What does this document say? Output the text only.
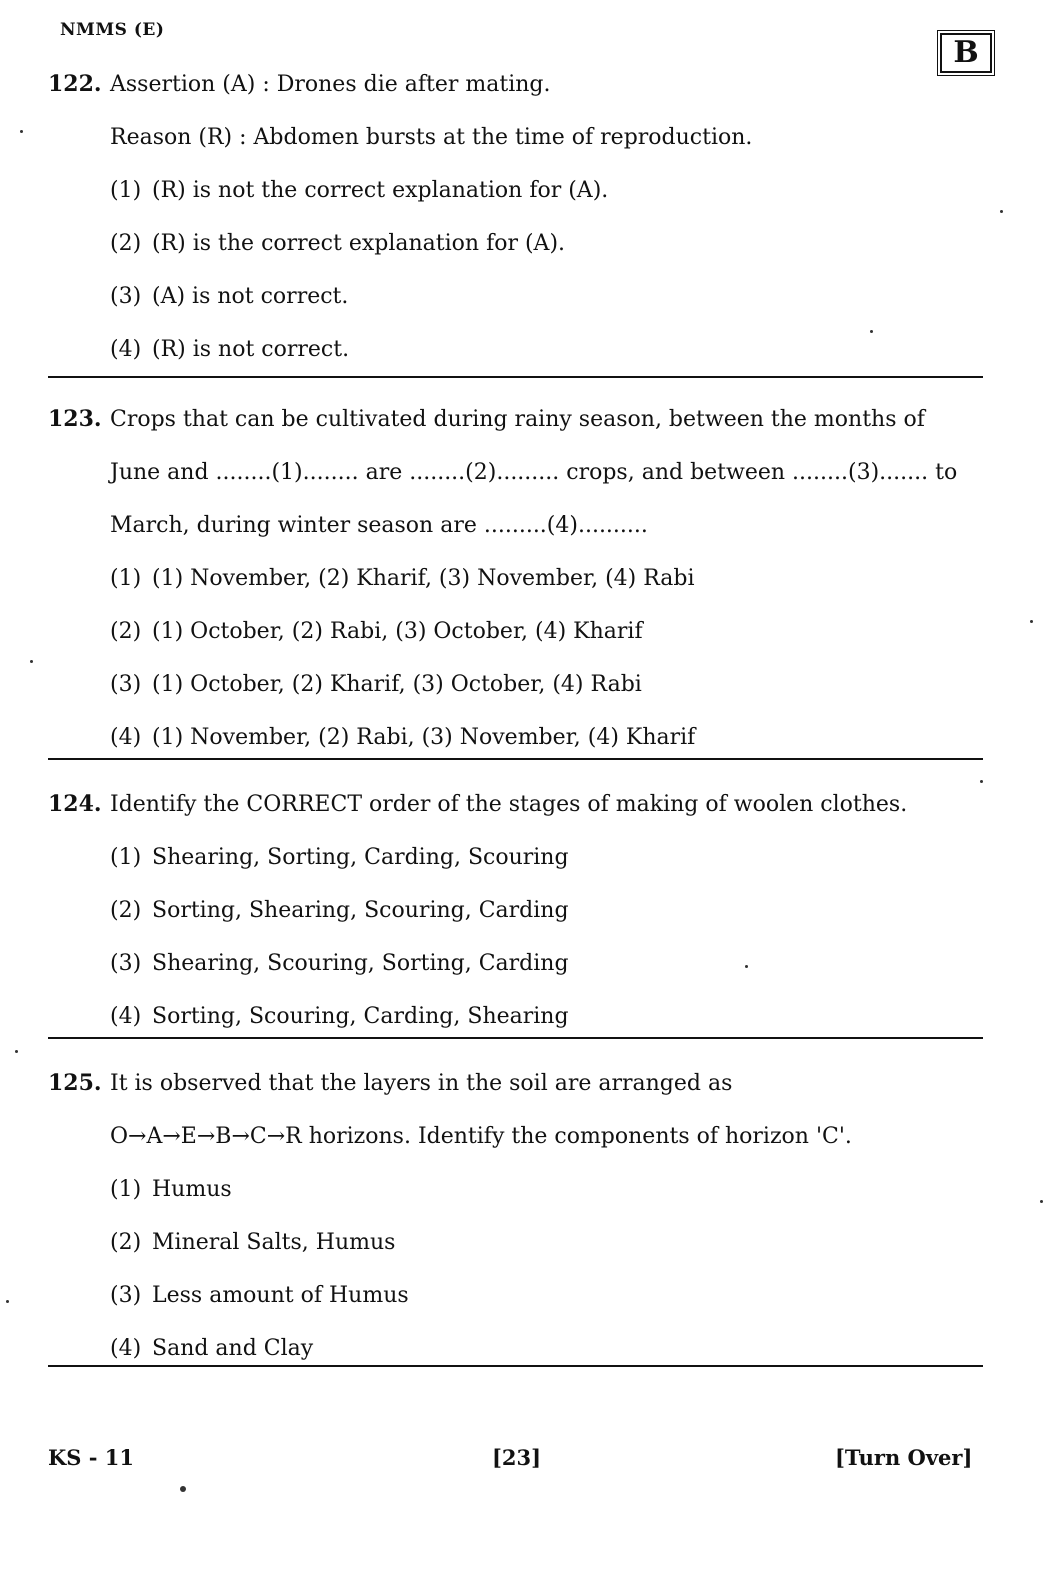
NMMS (E)
B
122. Assertion (A) : Drones die after mating.
Reason (R) : Abdomen bursts at the time of reproduction.
(1) (R) is not the correct explanation for (A).
(2) (R) is the correct explanation for (A).
(3) (A) is not correct.
(4) (R) is not correct.
123. Crops that can be cultivated during rainy season, between the months of
June and ........(1)........ are ........(2)......... crops, and between ........(3)....... to
March, during winter season are .........(4)..........
(1) (1) November, (2) Kharif, (3) November, (4) Rabi
(2) (1) October, (2) Rabi, (3) October, (4) Kharif
(3) (1) October, (2) Kharif, (3) October, (4) Rabi
(4) (1) November, (2) Rabi, (3) November, (4) Kharif
124. Identify the CORRECT order of the stages of making of woolen clothes.
(1) Shearing, Sorting, Carding, Scouring
(2) Sorting, Shearing, Scouring, Carding
(3) Shearing, Scouring, Sorting, Carding
(4) Sorting, Scouring, Carding, Shearing
125. It is observed that the layers in the soil are arranged as
O→A→E→B→C→R horizons. Identify the components of horizon 'C'.
(1) Humus
(2) Mineral Salts, Humus
(3) Less amount of Humus
(4) Sand and Clay
KS - 11	[23]	[Turn Over]
